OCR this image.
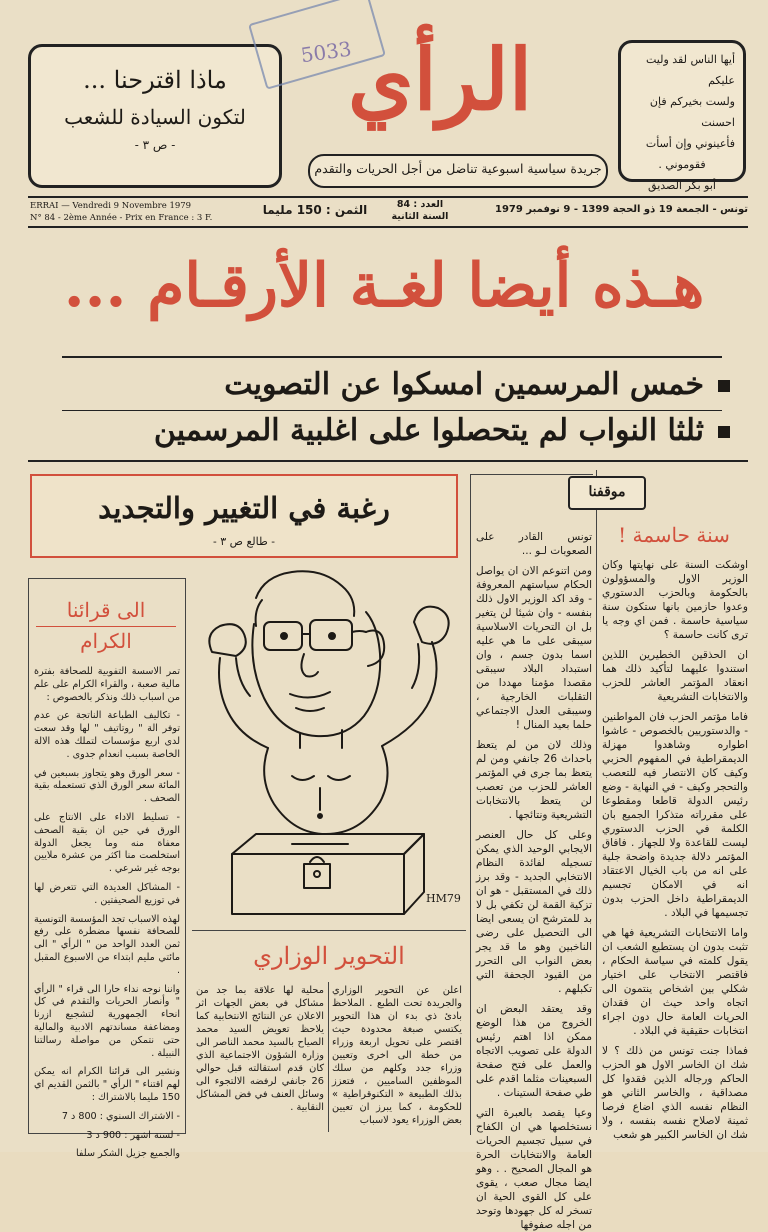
أيها الناس لقد وليت عليكم
ولست بخيركم فإن احسنت
فأعينوني وإن أسأت
فقوموني .
أبو بكر الصديق
ماذا اقترحنا ...
لتكون السيادة للشعب
- ص ٣ -
الرأي
5033
جريدة سياسية اسبوعية تناضل من أجل الحريات والتقدم
ERRAI — Vendredi 9 Novembre 1979
N° 84 - 2ème Année - Prix en France : 3 F.
الثمن : 150 مليما	العدد : 84
السنة الثانية
تونس - الجمعة 19 ذو الحجة 1399 - 9 نوفمبر 1979
هـذه أيضا لغـة الأرقـام ...
خمس المرسمين امسكوا عن التصويت
ثلثا النواب لم يتحصلوا على اغلبية المرسمين
رغبة في التغيير والتجديد
- طالع ص ٣ -
موقفنا
سنة حاسمة !

اوشكت السنة على نهايتها وكان الوزير الاول والمسؤولون بالحكومة وبالحزب الدستوري وعدوا حازمين بانها ستكون سنة سياسية حاسمة . فمن اي وجه يا ترى كانت حاسمة ؟

ان الحذقين الخطيرين اللذين استندوا عليهما لتأكيد ذلك هما انعقاد المؤتمر العاشر للحزب والانتخابات التشريعية

فاما مؤتمر الحزب فان المواطنين - والدستوريين بالخصوص - عاشوا اطواره وشاهدوا مهزلة الديمقراطية في المفهوم الحزبي وكيف كان الانتصار فيه للتعصب والتحجر وكيف - في النهاية - وضع رئيس الدولة قاطعا ومقطوعا على مقرراته متذكرا الجميع بان الكلمة في الحزب الدستوري ليست للقاعدة ولا للجهاز . فافاق المؤتمر دلالة جديدة واضحة جلية على انه من باب الخيال الاعتقاد انه في الامكان تجسيم الديمقراطية داخل الحزب بدون تجسيمها في البلاد .

واما الانتخابات التشريعية فها هي تثبت بدون ان يستطيع الشعب ان يقول كلمته في سياسة الحكام ، فاقتصر الانتخاب على اختيار شكلي بين اشخاص ينتمون الى اتجاه واحد حيث ان فقدان الحريات العامة حال دون اجراء انتخابات حقيقية في البلاد .

فماذا جنت تونس من ذلك ؟ لا شك ان الخاسر الاول هو الحزب الحاكم ورجاله الذين فقدوا كل مصداقية ، والخاسر الثاني هو النظام نفسه الذي اضاع فرصا ثمينة لاصلاح نفسه بنفسه ، ولا شك ان الخاسر الكبير هو شعب

تونس القادر على الصعوبات لـو ...

ومن اتنوعم الان ان يواصل الحكام سياستهم المعروفة - وقد اكد الوزير الاول ذلك بنفسه - وان شيئا لن يتغير بل ان التحريات الاسلاسية سيبقى على ما هي عليه اسما بدون جسم ، وان استبداد البلاد سيبقى مقصدا مؤمنا مهددا من التقلبات الخارجية ، وسيبقى العدل الاجتماعي حلما بعيد المنال !

وذلك لان من لم يتعظ باحداث 26 جانفي ومن لم يتعظ بما جرى في المؤتمر العاشر للحزب من تعصب لن يتعظ بالانتخابات التشريعية ونتائجها .

وعلى كل حال العنصر الايجابي الوحيد الذي يمكن تسجيله لفائدة النظام الانتخابي الجديد - وقد برز ذلك في المستقبل - هو ان تزكية القمة لن تكفي بل لا بد للمترشح ان يسعى ايضا الى التحصيل على رضى الناخبين وهو ما قد يجر بعض النواب الى التحرر من القيود الجحفة التي تكبلهم .

وقد يعتقد البعض ان الخروج من هذا الوضع ممكن اذا اهتم رئيس الدولة على تصويب الاتجاه والعمل على فتح صفحة السبعينات مثلما اقدم على طي صفحة الستينات .

وعيا يقصد بالعبرة التي نستخلصها هي ان الكفاح في سبيل تجسيم الحريات العامة والانتخابات الحرة هو المجال الصحيح . . وهو ايضا مجال صعب ، يقوى على كل القوى الحية ان تسخر له كل جهودها وتوحد من اجله صفوفها

الى قرائنا
الكرام

تمر الاسسة التفوبية للصحافة بفترة مالية صعبة ، والقراء الكرام على علم من اسباب ذلك ونذكر بالخصوص :

- تكاليف الطباعة الناتجة عن عدم توفر الة " روتاتيف " لها وقد سعت لدى اربع مؤسسات لتملك هذه الالة الخاصة بسبب انعدام جدوى .

- سعر الورق وهو يتجاوز بسبعين في المائة سعر الورق الذي تستعمله بقية الصحف .

- تسليط الاداء على الانتاج على الورق في حين ان بقية الصحف معفاة منه وما يجعل الدولة استخلصت منا اكثر من عشرة ملايين بوجه غير شرعي .

- المشاكل العديدة التي تتعرض لها في توزيع الصحيفتين .

لهذه الاسباب تجد المؤسسة التونسية للصحافة نفسها مضطرة على رفع ثمن العدد الواحد من " الرأي " الى مائتي مليم ابتداء من الاسبوع المقبل .

واننا نوجه نداء حارا الى قراء " الرأي " وأنصار الحريات والتقدم في كل انحاء الجمهورية لتشجيع ازرنا ومضاعفة مساندتهم الادبية والمالية حتى نتمكن من مواصلة رسالتنا النبيلة .

ونشير الى قرائنا الكرام انه يمكن لهم اقتناء " الرأي " بالثمن القديم اي 150 مليما بالاشتراك :

- الاشتراك السنوي : 800 د 7

- لسنة اشهر : 900 د 3

والجميع جزيل الشكر سلفا

HM79
التحوير الوزاري
اعلن عن التحوير الوزاري والجريدة تحت الطبع . الملاحظ بادئ ذي بدء ان هذا التحوير يكتسي صبغة محدودة حيث اقتصر على تحويل اربعة وزراء من خطة الى اخرى وتعيين وزراء جدد وكلهم من سلك الموظفين الساميين ، فتعزز بذلك الطبيعة « التكنوقراطية » للحكومة ، كما يبرز ان تعيين بعض الوزراء يعود لاسباب
محلية لها علاقة بما جد من مشاكل في بعض الجهات اثر الاعلان عن النتائج الانتخابية كما يلاحظ تعويض السيد محمد الصياح بالسيد محمد الناصر الى وزارة الشؤون الاجتماعية الذي كان قدم استقالته قبل حوالي 26 جانفي لرفضه الالتجوء الى وسائل العنف في فض المشاكل النقابية .
